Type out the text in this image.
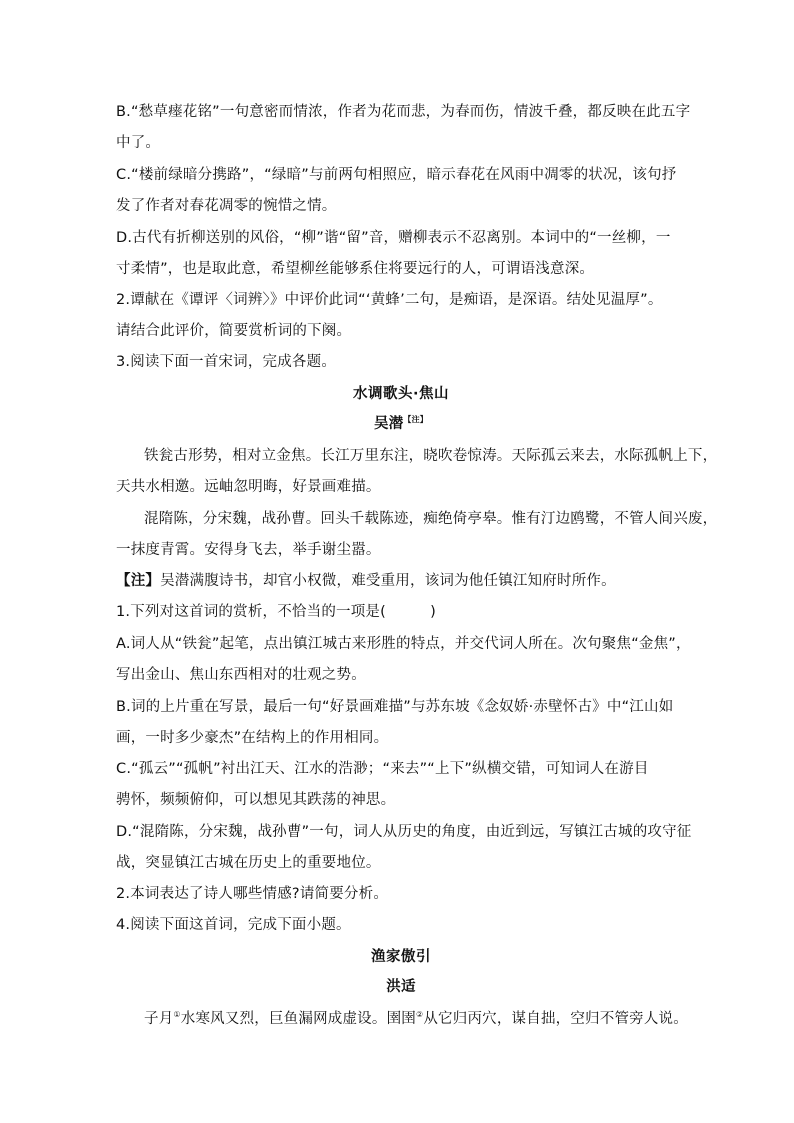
B.“愁草瘗花铭”一句意密而情浓，作者为花而悲，为春而伤，情波千叠，都反映在此五字
中了。
C.“楼前绿暗分携路”，“绿暗”与前两句相照应，暗示春花在风雨中凋零的状况，该句抒
发了作者对春花凋零的惋惜之情。
D.古代有折柳送别的风俗，“柳”谐“留”音，赠柳表示不忍离别。本词中的“一丝柳，一
寸柔情”，也是取此意，希望柳丝能够系住将要远行的人，可谓语浅意深。
2.谭献在《谭评〈词辨〉》中评价此词“‘黄蜂’二句，是痴语，是深语。结处见温厚”。
请结合此评价，简要赏析词的下阕。
3.阅读下面一首宋词，完成各题。
水调歌头·焦山
吴潜$^{【注】}$
铁瓮古形势，相对立金焦。长江万里东注，晓吹卷惊涛。天际孤云来去，水际孤帆上下，
天共水相邀。远岫忽明晦，好景画难描。
混隋陈，分宋魏，战孙曹。回头千载陈迹，痴绝倚亭皋。惟有汀边鸥鹭，不管人间兴废，
一抹度青霄。安得身飞去，举手谢尘嚣。
【注】吴潜满腹诗书，却官小权微，难受重用，该词为他任镇江知府时所作。
1.下列对这首词的赏析，不恰当的一项是(　　　)
A.词人从“铁瓮”起笔，点出镇江城古来形胜的特点，并交代词人所在。次句聚焦“金焦”，
写出金山、焦山东西相对的壮观之势。
B.词的上片重在写景，最后一句“好景画难描”与苏东坡《念奴娇·赤壁怀古》中“江山如
画，一时多少豪杰”在结构上的作用相同。
C.“孤云”“孤帆”衬出江天、江水的浩渺；“来去”“上下”纵横交错，可知词人在游目
骋怀，频频俯仰，可以想见其跌荡的神思。
D.“混隋陈，分宋魏，战孙曹”一句，词人从历史的角度，由近到远，写镇江古城的攻守征
战，突显镇江古城在历史上的重要地位。
2.本词表达了诗人哪些情感?请简要分析。
4.阅读下面这首词，完成下面小题。
渔家傲引
洪适
子月①水寒风又烈，巨鱼漏网成虚设。圉圉②从它归丙穴，谋自拙，空归不管旁人说。
